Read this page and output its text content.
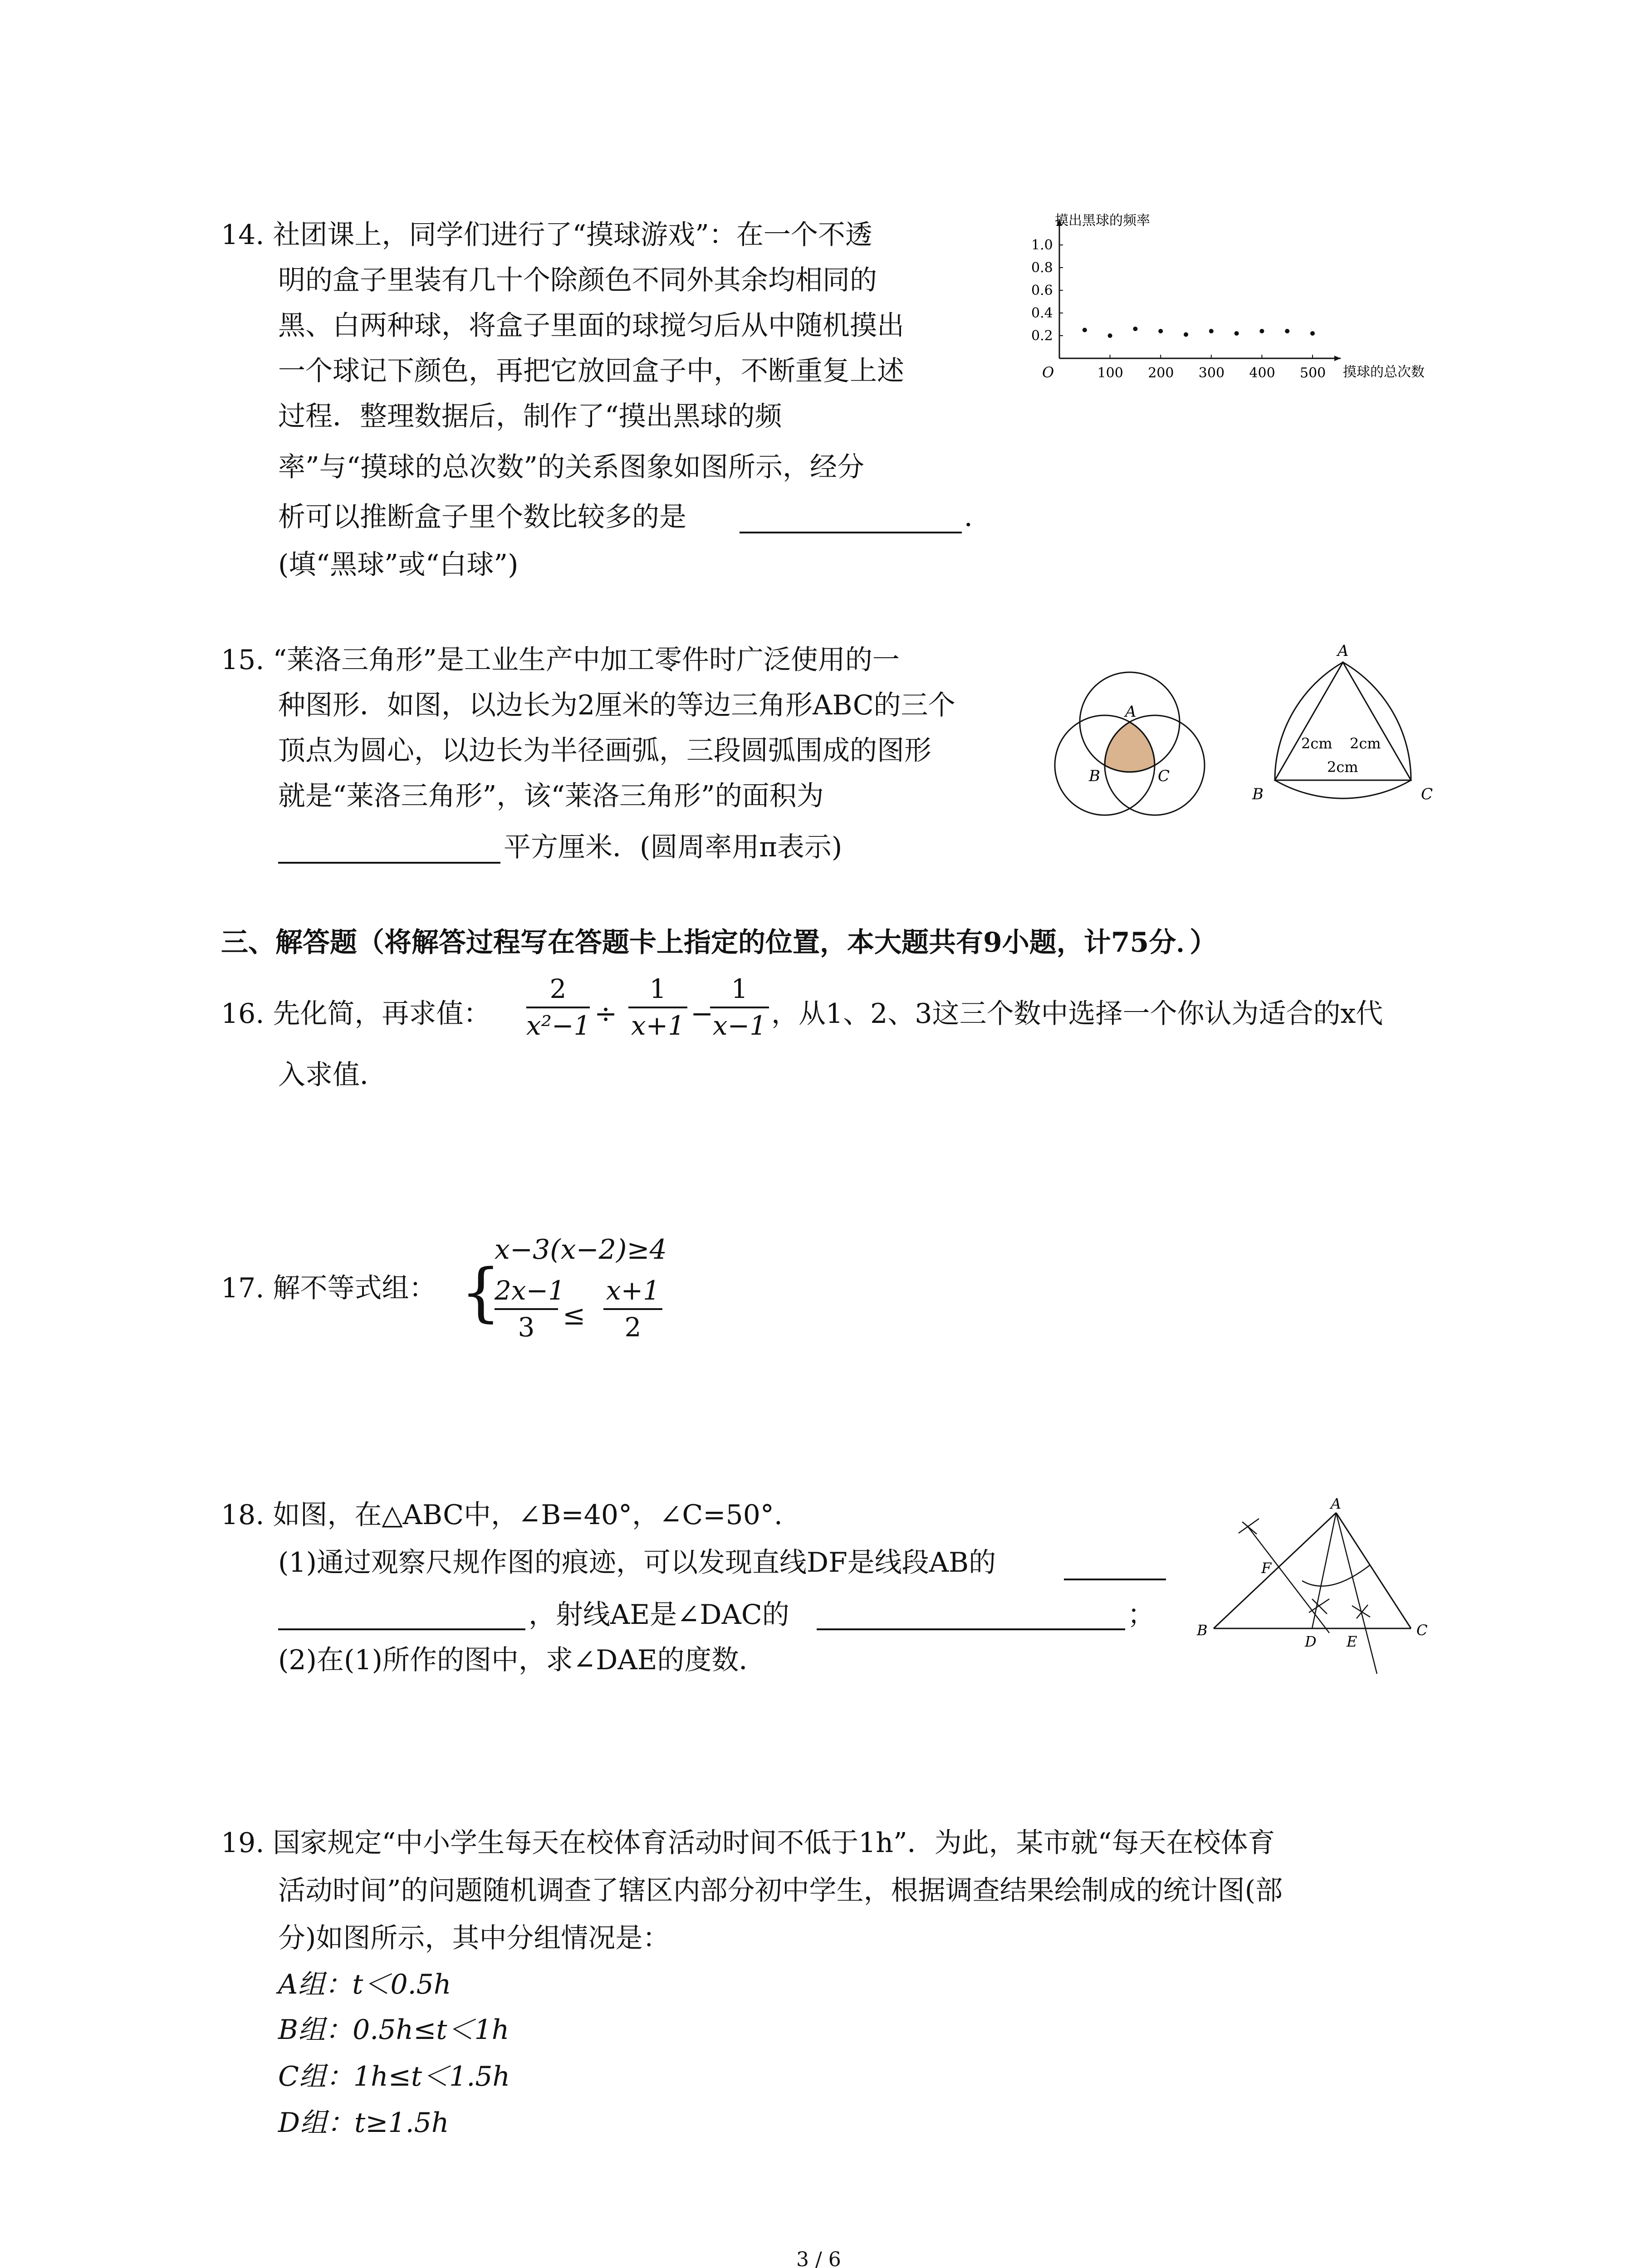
14. 社团课上，同学们进行了“摸球游戏”：在一个不透
明的盒子里装有几十个除颜色不同外其余均相同的
黑、白两种球，将盒子里面的球搅匀后从中随机摸出
一个球记下颜色，再把它放回盒子中，不断重复上述
过程．整理数据后，制作了“摸出黑球的频
率”与“摸球的总次数”的关系图象如图所示，经分
析可以推断盒子里个数比较多的是	．
(填“黑球”或“白球”)
摸出黑球的频率
摸球的总次数
O
1.0
0.8
0.6
0.4
0.2
100 200 300 400 500
15. “莱洛三角形”是工业生产中加工零件时广泛使用的一
种图形．如图，以边长为2厘米的等边三角形ABC的三个
顶点为圆心，以边长为半径画弧，三段圆弧围成的图形
就是“莱洛三角形”，该“莱洛三角形”的面积为
平方厘米．(圆周率用π表示)
A
B	C
A
B	C
2cm 2cm
2cm
三、解答题（将解答过程写在答题卡上指定的位置，本大题共有9小题，计75分．）
16. 先化简，再求值：
2
x²−1 ÷
1
x+1 −
1
x−1 ，从1、2、3这三个数中选择一个你认为适合的x代
入求值．
17. 解不等式组： {
x−3(x−2)≥4
2x−1
3	≤
x+1
2
18. 如图，在△ABC中，∠B=40°，∠C=50°.
(1)通过观察尺规作图的痕迹，可以发现直线DF是线段AB的
，射线AE是∠DAC的	；
(2)在(1)所作的图中，求∠DAE的度数．
A
B	C
D E
F
19. 国家规定“中小学生每天在校体育活动时间不低于1h”．为此，某市就“每天在校体育
活动时间”的问题随机调查了辖区内部分初中学生，根据调查结果绘制成的统计图(部
分)如图所示，其中分组情况是：
A组：t＜0.5h
B组：0.5h≤t＜1h
C组：1h≤t＜1.5h
D组：t≥1.5h
3 / 6
